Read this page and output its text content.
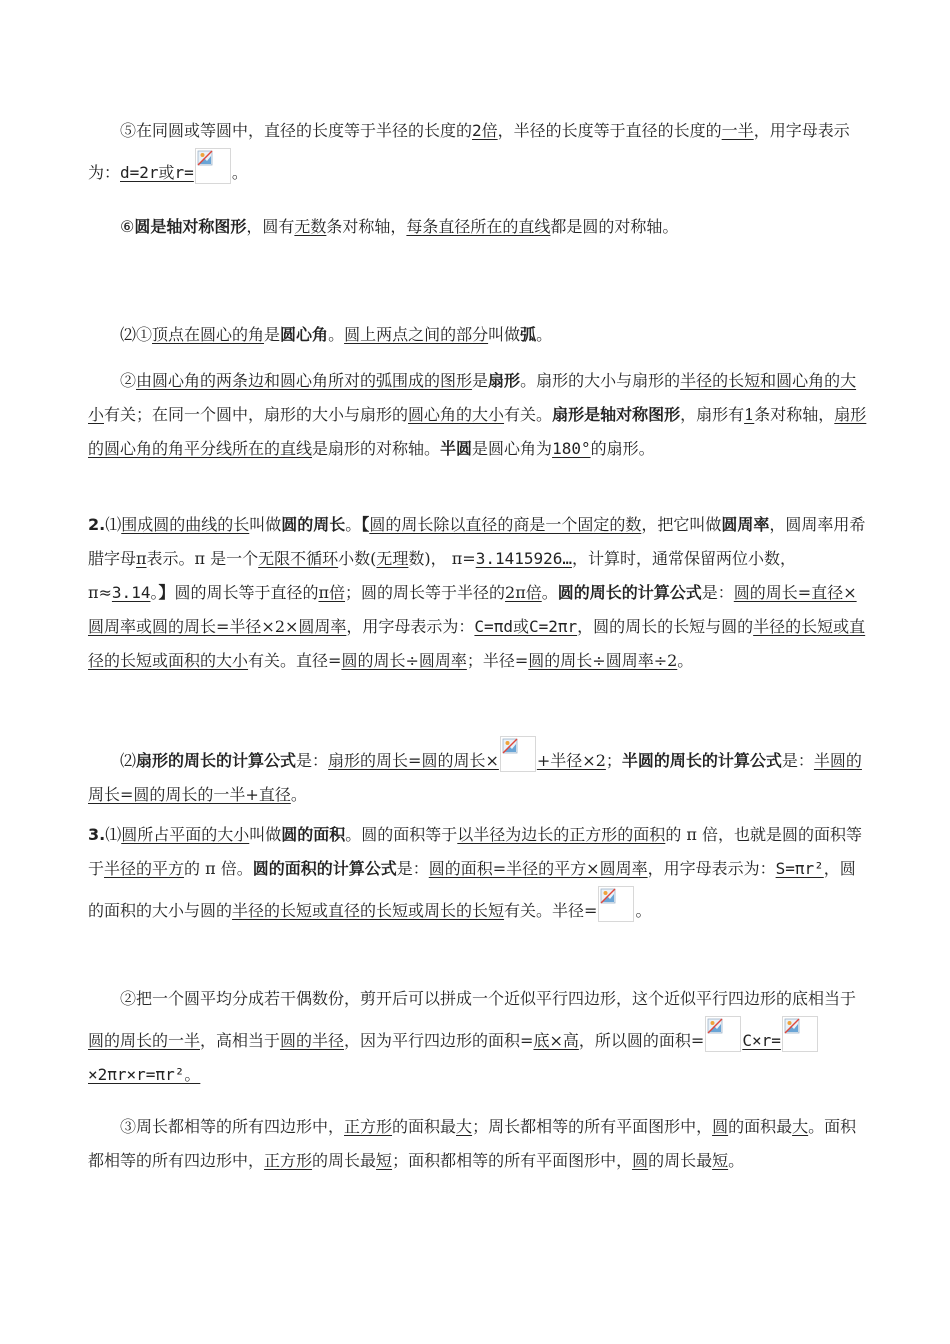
⑤在同圆或等圆中，直径的长度等于半径的长度的2倍，半径的长度等于直径的长度的一半，用字母表示为：d=2r或r= 。
⑥圆是轴对称图形，圆有无数条对称轴，每条直径所在的直线都是圆的对称轴。
⑵①顶点在圆心的角是圆心角。圆上两点之间的部分叫做弧。
②由圆心角的两条边和圆心角所对的弧围成的图形是扇形。扇形的大小与扇形的半径的长短和圆心角的大小有关；在同一个圆中，扇形的大小与扇形的圆心角的大小有关。扇形是轴对称图形，扇形有1条对称轴，扇形的圆心角的角平分线所在的直线是扇形的对称轴。半圆是圆心角为180°的扇形。
2.⑴围成圆的曲线的长叫做圆的周长。【圆的周长除以直径的商是一个固定的数，把它叫做圆周率，圆周率用希腊字母π表示。π 是一个无限不循环小数(无理数)， π=3.1415926…，计算时，通常保留两位小数， π≈3.14。】圆的周长等于直径的π倍；圆的周长等于半径的2π倍。圆的周长的计算公式是：圆的周长=直径×圆周率或圆的周长=半径×2×圆周率，用字母表示为：C=πd或C=2πr，圆的周长的长短与圆的半径的长短或直径的长短或面积的大小有关。直径=圆的周长÷圆周率；半径=圆的周长÷圆周率÷2。
⑵扇形的周长的计算公式是：扇形的周长=圆的周长× +半径×2；半圆的周长的计算公式是：半圆的周长=圆的周长的一半+直径。
3.⑴圆所占平面的大小叫做圆的面积。圆的面积等于以半径为边长的正方形的面积的 π 倍，也就是圆的面积等于半径的平方的 π 倍。圆的面积的计算公式是：圆的面积=半径的平方×圆周率，用字母表示为：S=πr²，圆的面积的大小与圆的半径的长短或直径的长短或周长的长短有关。半径= 。
②把一个圆平均分成若干偶数份，剪开后可以拼成一个近似平行四边形，这个近似平行四边形的底相当于圆的周长的一半，高相当于圆的半径，因为平行四边形的面积=底×高，所以圆的面积= C×r=
×2πr×r=πr²。
③周长都相等的所有四边形中，正方形的面积最大；周长都相等的所有平面图形中，圆的面积最大。面积都相等的所有四边形中，正方形的周长最短；面积都相等的所有平面图形中，圆的周长最短。
